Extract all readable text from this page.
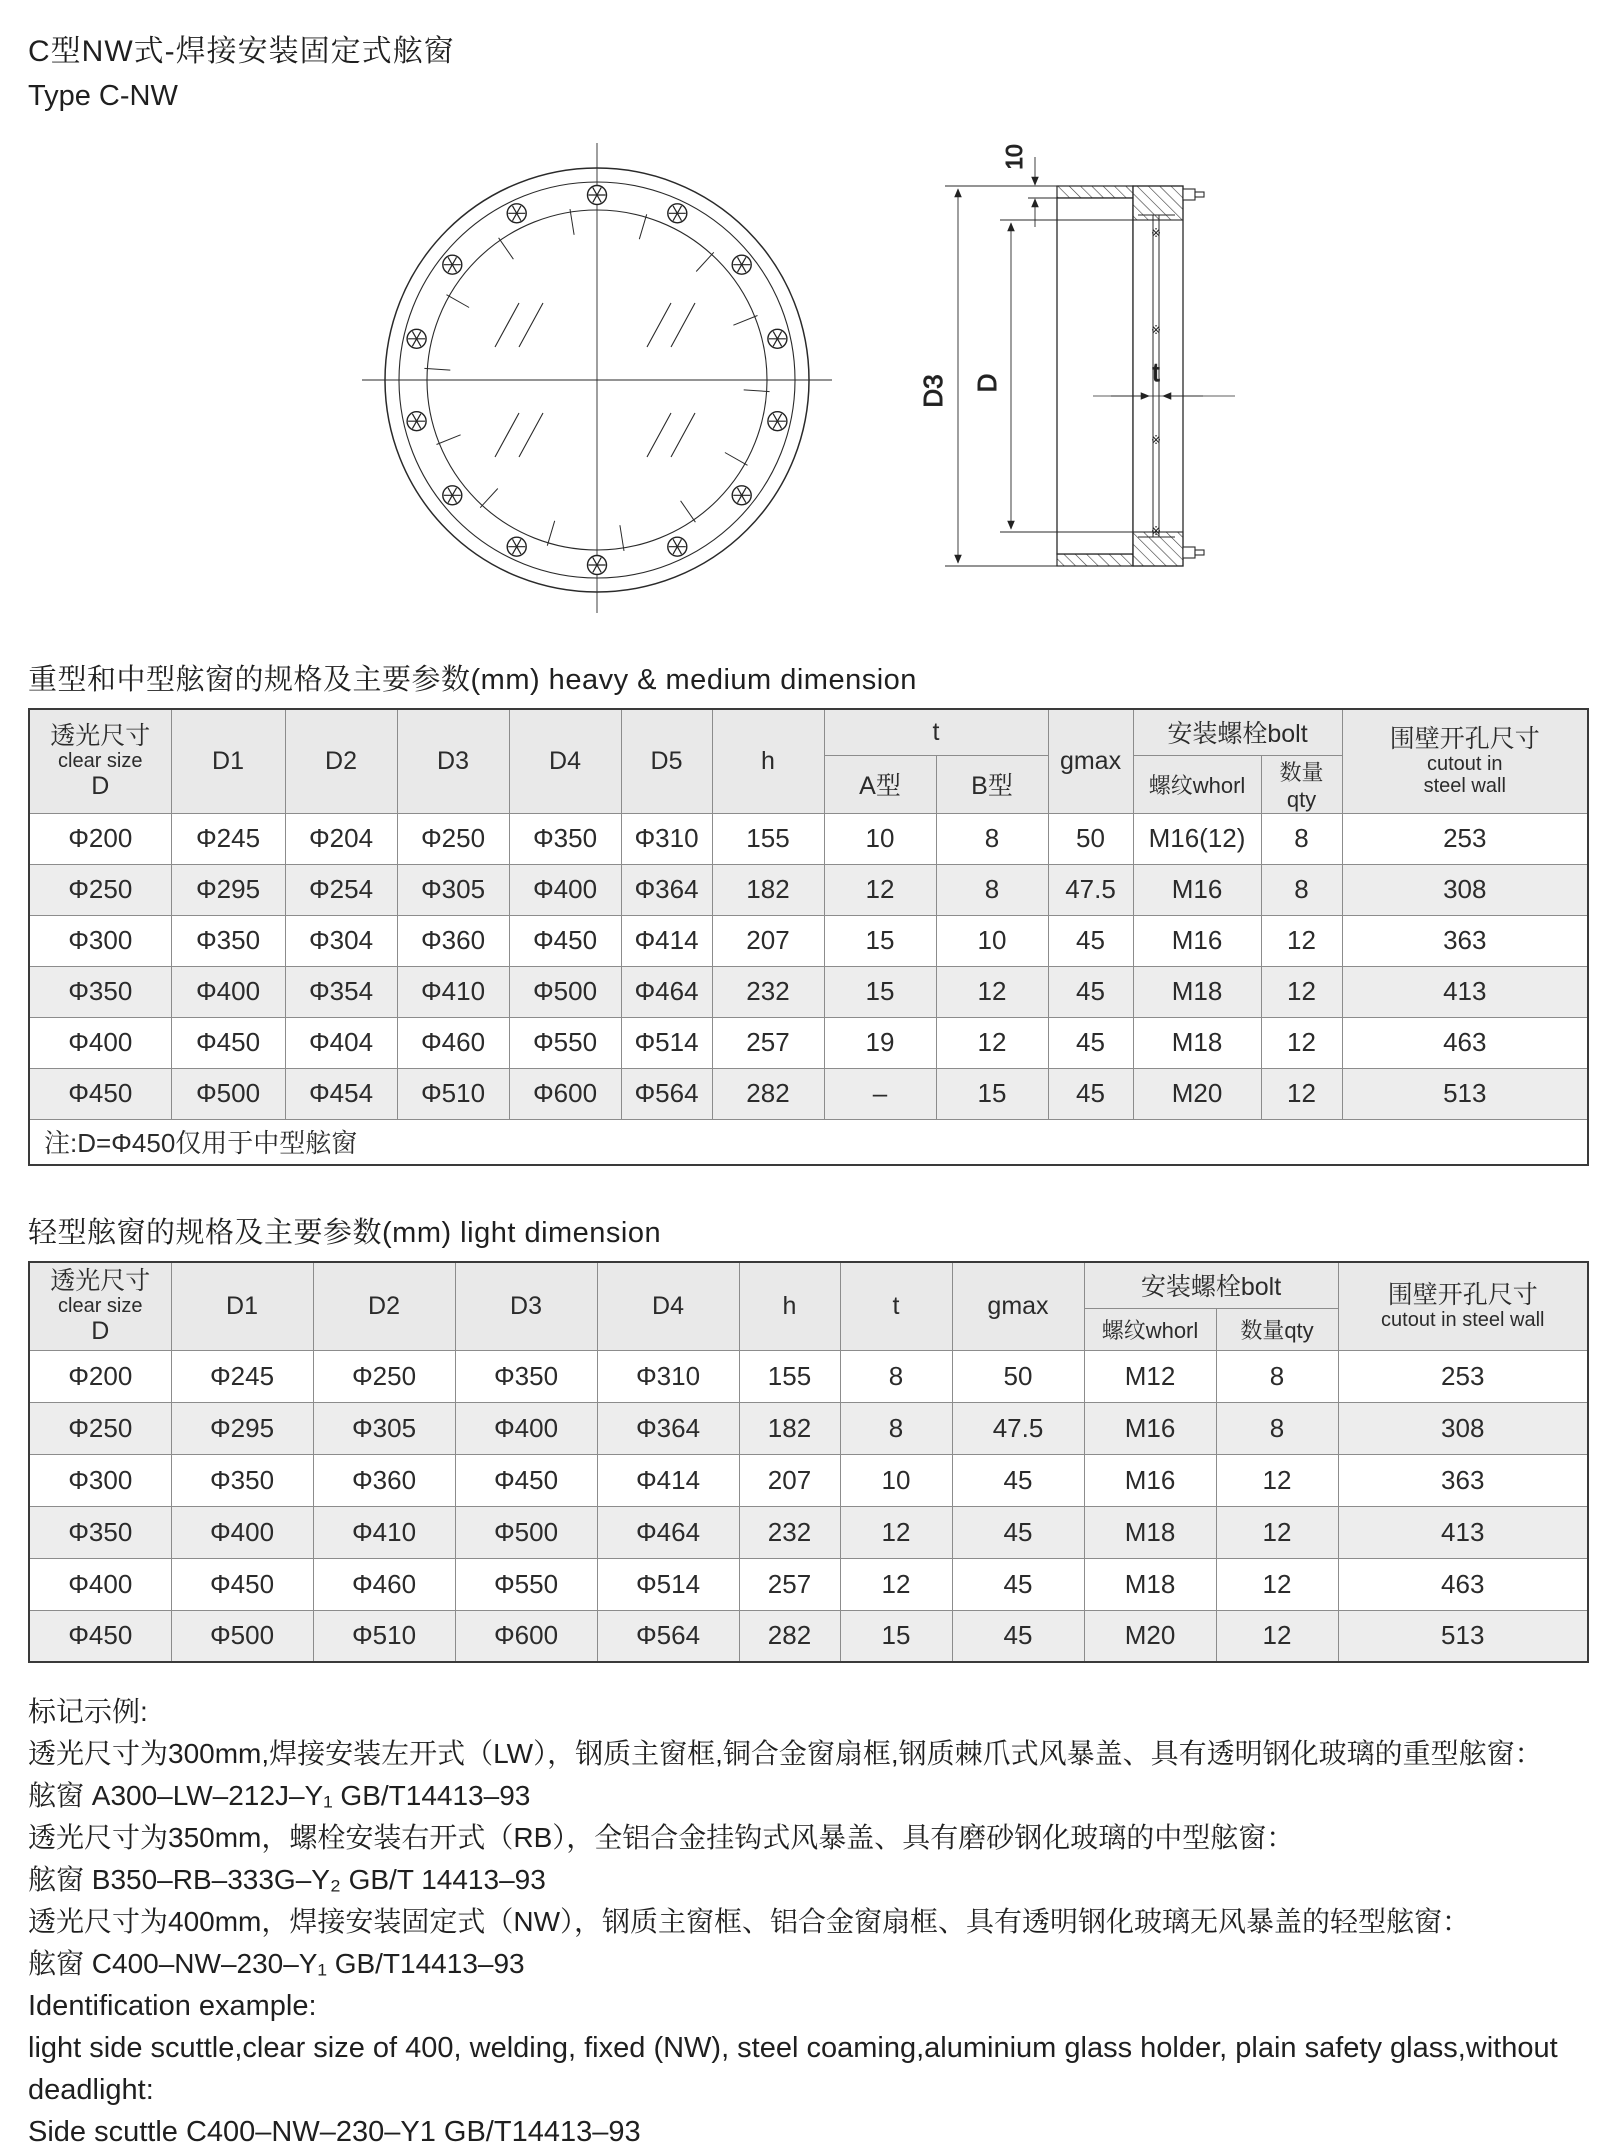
C型NW式-焊接安装固定式舷窗
Type C-NW
※
※
※
※
D3 D
10
t
重型和中型舷窗的规格及主要参数(mm) heavy & medium dimension
透光尺寸
clear size
D	D1	D2	D3	D4	D5	h	t		gmax	安装螺栓bolt		围壁开孔尺寸
cutout in
steel wall

							A型	B型		螺纹whorl	数量qty	
Φ200	Φ245	Φ204	Φ250	Φ350	Φ310	155	10	8	50	M16(12)	8	253
Φ250	Φ295	Φ254	Φ305	Φ400	Φ364	182	12	8	47.5	M16	8	308
Φ300	Φ350	Φ304	Φ360	Φ450	Φ414	207	15	10	45	M16	12	363
Φ350	Φ400	Φ354	Φ410	Φ500	Φ464	232	15	12	45	M18	12	413
Φ400	Φ450	Φ404	Φ460	Φ550	Φ514	257	19	12	45	M18	12	463
Φ450	Φ500	Φ454	Φ510	Φ600	Φ564	282	–	15	45	M20	12	513
注:D=Φ450仅用于中型舷窗												
轻型舷窗的规格及主要参数(mm) light dimension
透光尺寸
clear size
D	D1	D2	D3	D4	h	t	gmax	安装螺栓bolt		围壁开孔尺寸
cutout in steel wall

								螺纹whorl	数量qty	
Φ200	Φ245	Φ250	Φ350	Φ310	155	8	50	M12	8	253
Φ250	Φ295	Φ305	Φ400	Φ364	182	8	47.5	M16	8	308
Φ300	Φ350	Φ360	Φ450	Φ414	207	10	45	M16	12	363
Φ350	Φ400	Φ410	Φ500	Φ464	232	12	45	M18	12	413
Φ400	Φ450	Φ460	Φ550	Φ514	257	12	45	M18	12	463
Φ450	Φ500	Φ510	Φ600	Φ564	282	15	45	M20	12	513

标记示例:

透光尺寸为300mm,焊接安装左开式（LW），钢质主窗框,铜合金窗扇框,钢质棘爪式风暴盖、具有透明钢化玻璃的重型舷窗：

舷窗 A300–LW–212J–Y₁ GB/T14413–93

透光尺寸为350mm，螺栓安装右开式（RB），全铝合金挂钩式风暴盖、具有磨砂钢化玻璃的中型舷窗：

舷窗 B350–RB–333G–Y₂ GB/T 14413–93

透光尺寸为400mm，焊接安装固定式（NW），钢质主窗框、铝合金窗扇框、具有透明钢化玻璃无风暴盖的轻型舷窗：

舷窗 C400–NW–230–Y₁ GB/T14413–93

Identification example:

light side scuttle,clear size of 400, welding, fixed (NW), steel coaming,aluminium glass holder, plain safety glass,without

deadlight:

Side scuttle C400–NW–230–Y1 GB/T14413–93
